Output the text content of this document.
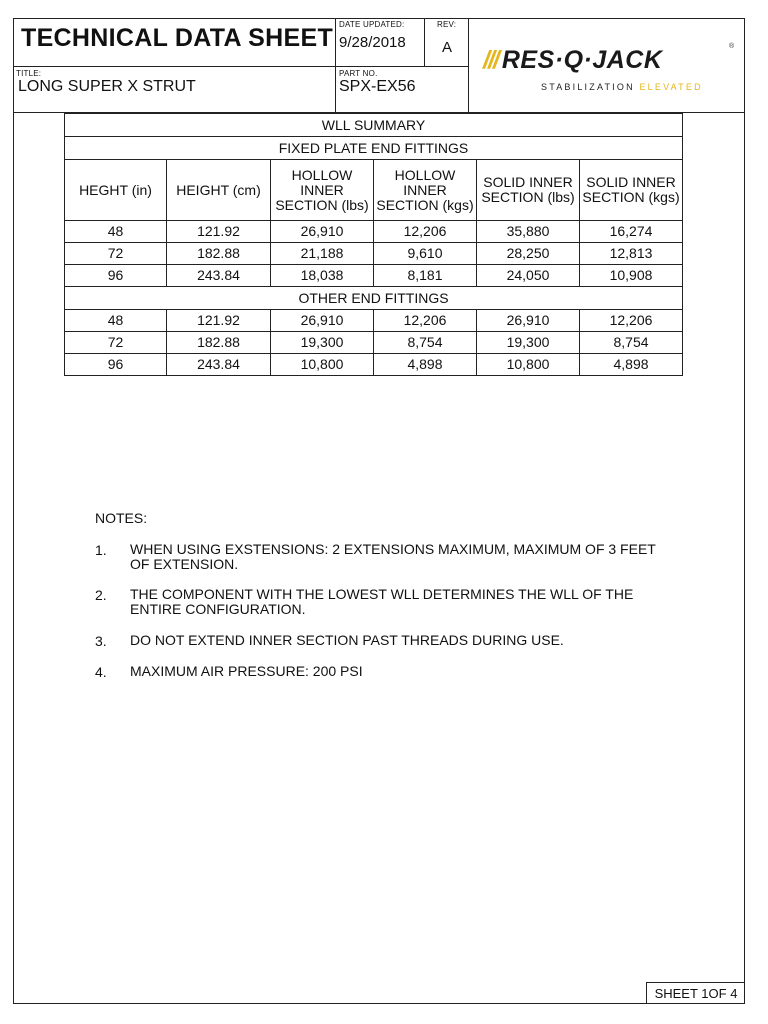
TECHNICAL DATA SHEET DATE UPDATED:
9/28/2018
REV:
A
TITLE:
LONG SUPER X STRUT
PART NO.
SPX-EX56
/// RES·Q·JACK	®
STABILIZATION ELEVATED
WLL SUMMARY					
FIXED PLATE END FITTINGS					
HEGHT (in)	HEIGHT (cm)	HOLLOW INNER SECTION (lbs)	HOLLOW INNER SECTION (kgs)	SOLID INNER SECTION (lbs)	SOLID INNER SECTION (kgs)
48	121.92	26,910	12,206	35,880	16,274
72	182.88	21,188	9,610	28,250	12,813
96	243.84	18,038	8,181	24,050	10,908
OTHER END FITTINGS					
48	121.92	26,910	12,206	26,910	12,206
72	182.88	19,300	8,754	19,300	8,754
96	243.84	10,800	4,898	10,800	4,898
NOTES:
1. WHEN USING EXSTENSIONS: 2 EXTENSIONS MAXIMUM, MAXIMUM OF 3 FEET OF EXTENSION.
2. THE COMPONENT WITH THE LOWEST WLL DETERMINES THE WLL OF THE ENTIRE CONFIGURATION.
3. DO NOT EXTEND INNER SECTION PAST THREADS DURING USE.
4. MAXIMUM AIR PRESSURE: 200 PSI
SHEET 1OF 4
